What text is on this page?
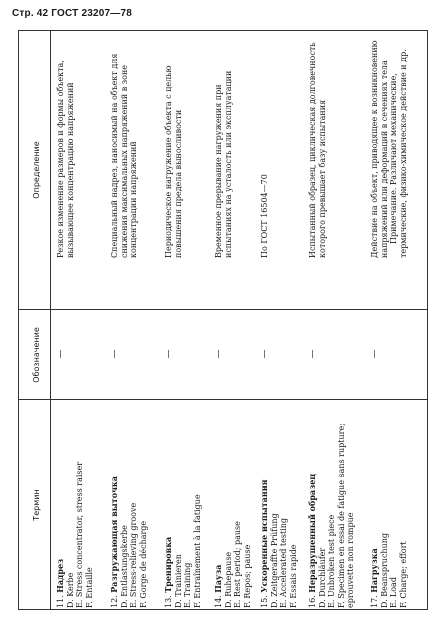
Стр. 42 ГОСТ 23207—78
Термин
Обозначение
Определение
11. Надрез D. Kerbe E. Stress concentrator, stress raiser F. Entaille
—

Резкое изменение размеров и формы объекта, вызывающее концентрацию напряжений

12. Разгружающая выточка D. Entlastungskerbe E. Stress-relieving groove F. Gorge de décharge
—

Специальный надрез, наносимый на объект для снижения максимальных напряжений в зоне концентрации напряжений

13. Тренировка D. Trainieren E. Training F. Entraînement à la fatigue
—

Периодическое нагружение объекта с целью повышения предела выносливости

14. Пауза D. Ruhepause E. Rest period; pause F. Repos; pause
—

Временное прерывание нагружения при испытаниях на усталость или эксплуатации

15. Ускоренные испытания D. Zeitgeraffte Prüfung E. Accelerated testing F. Essais rapide
—

По ГОСТ 16504—70

16. Неразрушенный образец D. Durchläufer E. Unbroken test piece F. Specimen en essai de fatigue sans rupture; eprouvette non rompue
—

Испытанный образец, циклическая долговечность которого превышает базу испытания

17. Нагрузка D. Beanspruchung E. Load F. Charge; effort
—

Действие на объект, приводящее к возникновению напряжений или деформаций в сечениях тела Примечание. Различают механические, термические, физико-химическое действие и др.
